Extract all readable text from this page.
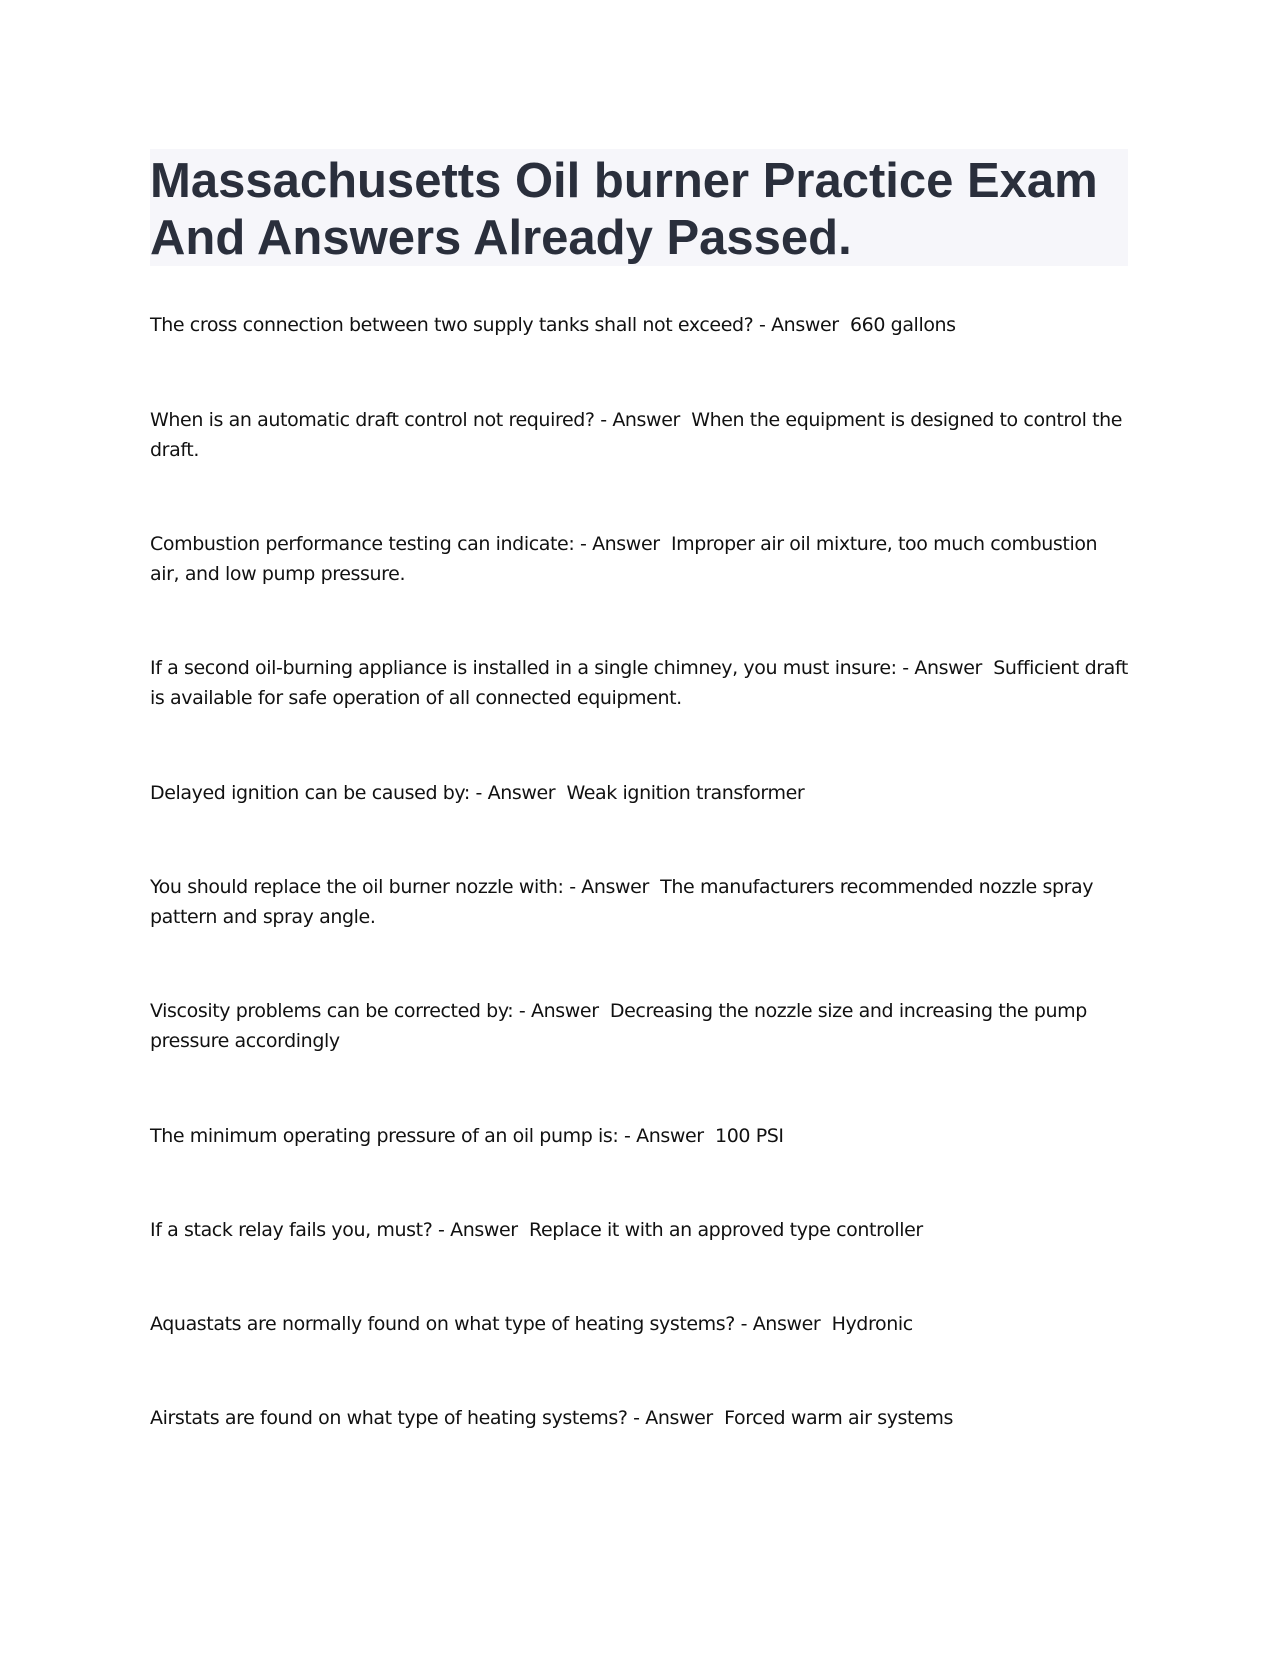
Massachusetts Oil burner Practice Exam And Answers Already Passed.

The cross connection between two supply tanks shall not exceed? - Answer  660 gallons

When is an automatic draft control not required? - Answer  When the equipment is designed to control the draft.

Combustion performance testing can indicate: - Answer  Improper air oil mixture, too much combustion air, and low pump pressure.

If a second oil-burning appliance is installed in a single chimney, you must insure: - Answer  Sufficient draft is available for safe operation of all connected equipment.

Delayed ignition can be caused by: - Answer  Weak ignition transformer

You should replace the oil burner nozzle with: - Answer  The manufacturers recommended nozzle spray pattern and spray angle.

Viscosity problems can be corrected by: - Answer  Decreasing the nozzle size and increasing the pump pressure accordingly

The minimum operating pressure of an oil pump is: - Answer  100 PSI

If a stack relay fails you, must? - Answer  Replace it with an approved type controller

Aquastats are normally found on what type of heating systems? - Answer  Hydronic

Airstats are found on what type of heating systems? - Answer  Forced warm air systems
